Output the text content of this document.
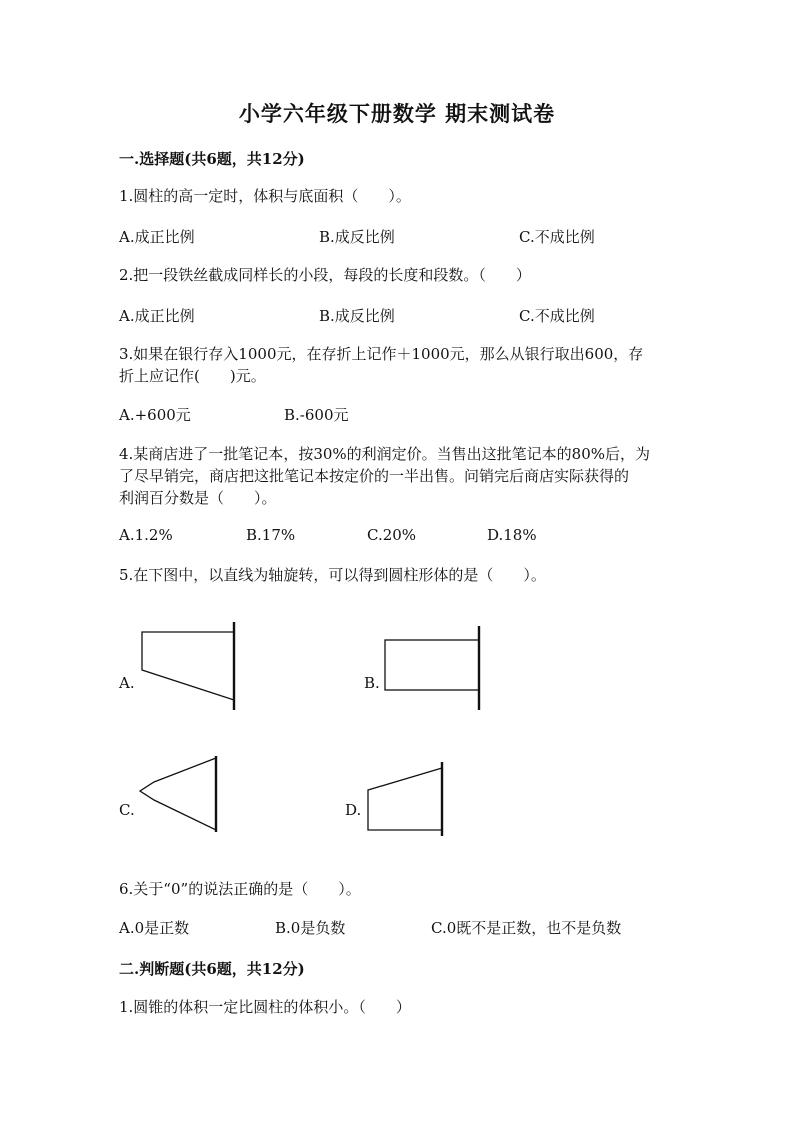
小学六年级下册数学 期末测试卷
一.选择题(共6题，共12分)
1.圆柱的高一定时，体积与底面积（　　）。
A.成正比例	B.成反比例	C.不成比例
2.把一段铁丝截成同样长的小段，每段的长度和段数。（　　）
A.成正比例	B.成反比例	C.不成比例
3.如果在银行存入1000元，在存折上记作＋1000元，那么从银行取出600，存
折上应记作(　　)元。
A.+600元	B.-600元
4.某商店进了一批笔记本，按30%的利润定价。当售出这批笔记本的80%后，为
了尽早销完，商店把这批笔记本按定价的一半出售。问销完后商店实际获得的
利润百分数是（　　）。
A.1.2%	B.17%	C.20%	D.18%
5.在下图中，以直线为轴旋转，可以得到圆柱形体的是（　　）。
A.	B.
C.	D.
6.关于“0”的说法正确的是（　　）。
A.0是正数	B.0是负数	C.0既不是正数，也不是负数
二.判断题(共6题，共12分)
1.圆锥的体积一定比圆柱的体积小。（　　）
